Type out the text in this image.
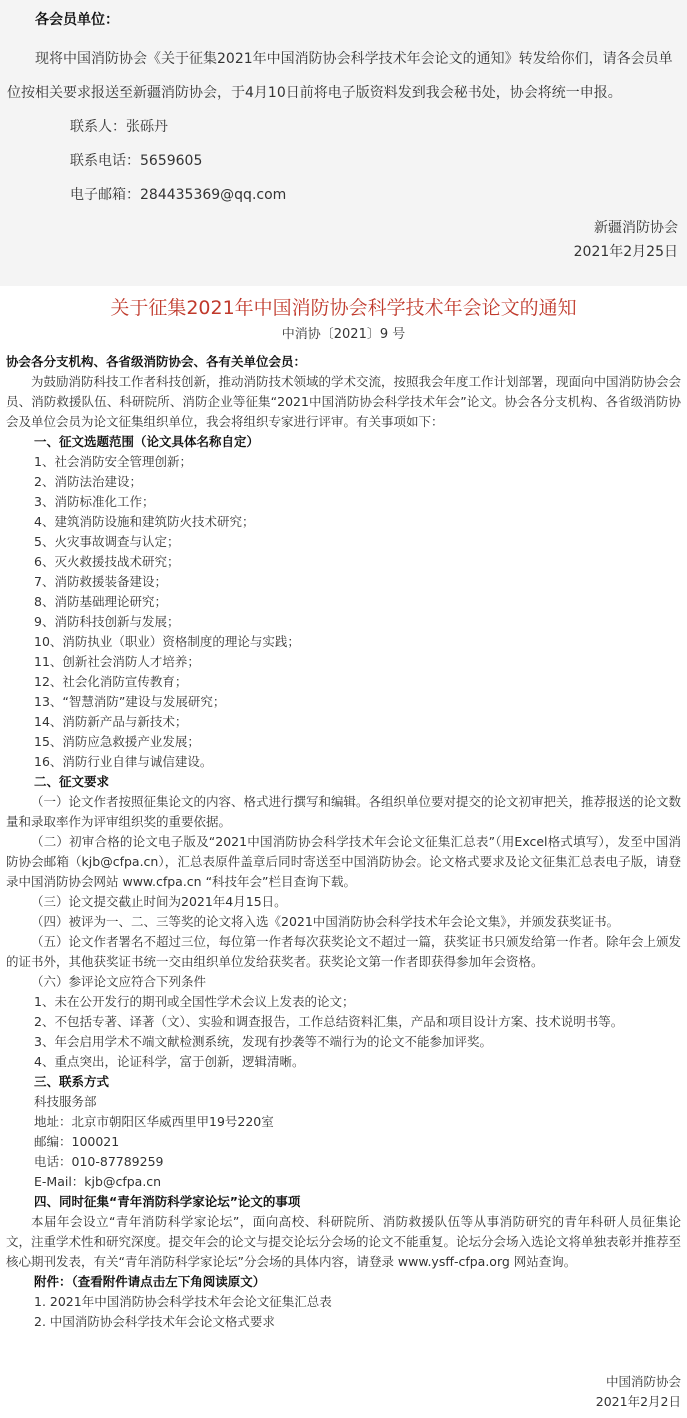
各会员单位：

现将中国消防协会《关于征集2021年中国消防协会科学技术年会论文的通知》转发给你们，请各会员单位按相关要求报送至新疆消防协会，于4月10日前将电子版资料发到我会秘书处，协会将统一申报。

联系人：张砾丹

联系电话：5659605

电子邮箱：284435369@qq.com

新疆消防协会

2021年2月25日

关于征集2021年中国消防协会科学技术年会论文的通知
中消协〔2021〕9 号

协会各分支机构、各省级消防协会、各有关单位会员：

为鼓励消防科技工作者科技创新，推动消防技术领域的学术交流，按照我会年度工作计划部署，现面向中国消防协会会员、消防救援队伍、科研院所、消防企业等征集“2021中国消防协会科学技术年会”论文。协会各分支机构、各省级消防协会及单位会员为论文征集组织单位，我会将组织专家进行评审。有关事项如下：

一、征文选题范围（论文具体名称自定）

1、社会消防安全管理创新；

2、消防法治建设；

3、消防标准化工作；

4、建筑消防设施和建筑防火技术研究；

5、火灾事故调查与认定；

6、灭火救援技战术研究；

7、消防救援装备建设；

8、消防基础理论研究；

9、消防科技创新与发展；

10、消防执业（职业）资格制度的理论与实践；

11、创新社会消防人才培养；

12、社会化消防宣传教育；

13、“智慧消防”建设与发展研究；

14、消防新产品与新技术；

15、消防应急救援产业发展；

16、消防行业自律与诚信建设。

二、征文要求

（一）论文作者按照征集论文的内容、格式进行撰写和编辑。各组织单位要对提交的论文初审把关，推荐报送的论文数量和录取率作为评审组织奖的重要依据。

（二）初审合格的论文电子版及“2021中国消防协会科学技术年会论文征集汇总表”（用Excel格式填写），发至中国消防协会邮箱（kjb@cfpa.cn），汇总表原件盖章后同时寄送至中国消防协会。论文格式要求及论文征集汇总表电子版，请登录中国消防协会网站 www.cfpa.cn “科技年会”栏目查询下载。

（三）论文提交截止时间为2021年4月15日。

（四）被评为一、二、三等奖的论文将入选《2021中国消防协会科学技术年会论文集》，并颁发获奖证书。

（五）论文作者署名不超过三位，每位第一作者每次获奖论文不超过一篇，获奖证书只颁发给第一作者。除年会上颁发的证书外，其他获奖证书统一交由组织单位发给获奖者。获奖论文第一作者即获得参加年会资格。

（六）参评论文应符合下列条件

1、未在公开发行的期刊或全国性学术会议上发表的论文；

2、不包括专著、译著（文）、实验和调查报告，工作总结资料汇集，产品和项目设计方案、技术说明书等。

3、年会启用学术不端文献检测系统，发现有抄袭等不端行为的论文不能参加评奖。

4、重点突出，论证科学，富于创新，逻辑清晰。

三、联系方式

科技服务部

地址：北京市朝阳区华威西里甲19号220室

邮编：100021

电话：010-87789259

E-Mail：kjb@cfpa.cn

四、同时征集“青年消防科学家论坛”论文的事项

本届年会设立“青年消防科学家论坛”，面向高校、科研院所、消防救援队伍等从事消防研究的青年科研人员征集论文，注重学术性和研究深度。提交年会的论文与提交论坛分会场的论文不能重复。论坛分会场入选论文将单独表彰并推荐至核心期刊发表，有关“青年消防科学家论坛”分会场的具体内容，请登录 www.ysff-cfpa.org 网站查询。

附件：（查看附件请点击左下角阅读原文）

1. 2021年中国消防协会科学技术年会论文征集汇总表

2. 中国消防协会科学技术年会论文格式要求

中国消防协会

2021年2月2日
